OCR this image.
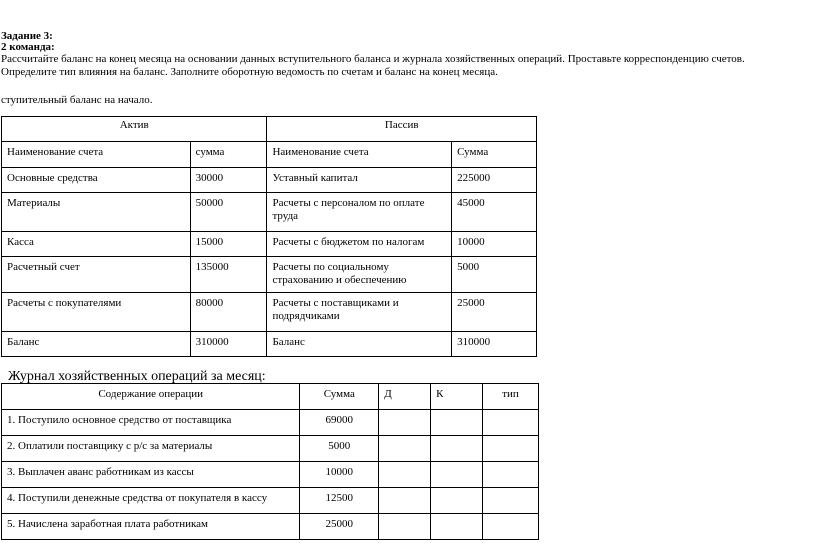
Задание 3:
2 команда:
Рассчитайте баланс на конец месяца на основании данных вступительного баланса и журнала хозяйственных операций. Проставьте корреспонденцию счетов.
Определите тип влияния на баланс. Заполните оборотную ведомость по счетам и баланс на конец месяца.
ступительный баланс на начало.
Актив		Пассив	
Наименование счета	сумма	Наименование счета	Сумма
Основные средства	30000	Уставный капитал	225000
Материалы	50000	Расчеты с персоналом по оплате труда	45000
Касса	15000	Расчеты с бюджетом по налогам	10000
Расчетный счет	135000	Расчеты по социальному страхованию и обеспечению	5000
Расчеты с покупателями	80000	Расчеты с поставщиками и подрядчиками	25000
Баланс	310000	Баланс	310000
Журнал хозяйственных операций за месяц:
Содержание операции	Сумма	Д	К	тип
1. Поступило основное средство от поставщика	69000			
2. Оплатили поставщику с р/с за материалы	5000			
3. Выплачен аванс работникам из кассы	10000			
4. Поступили денежные средства от покупателя в кассу	12500			
5. Начислена заработная плата работникам	25000			
